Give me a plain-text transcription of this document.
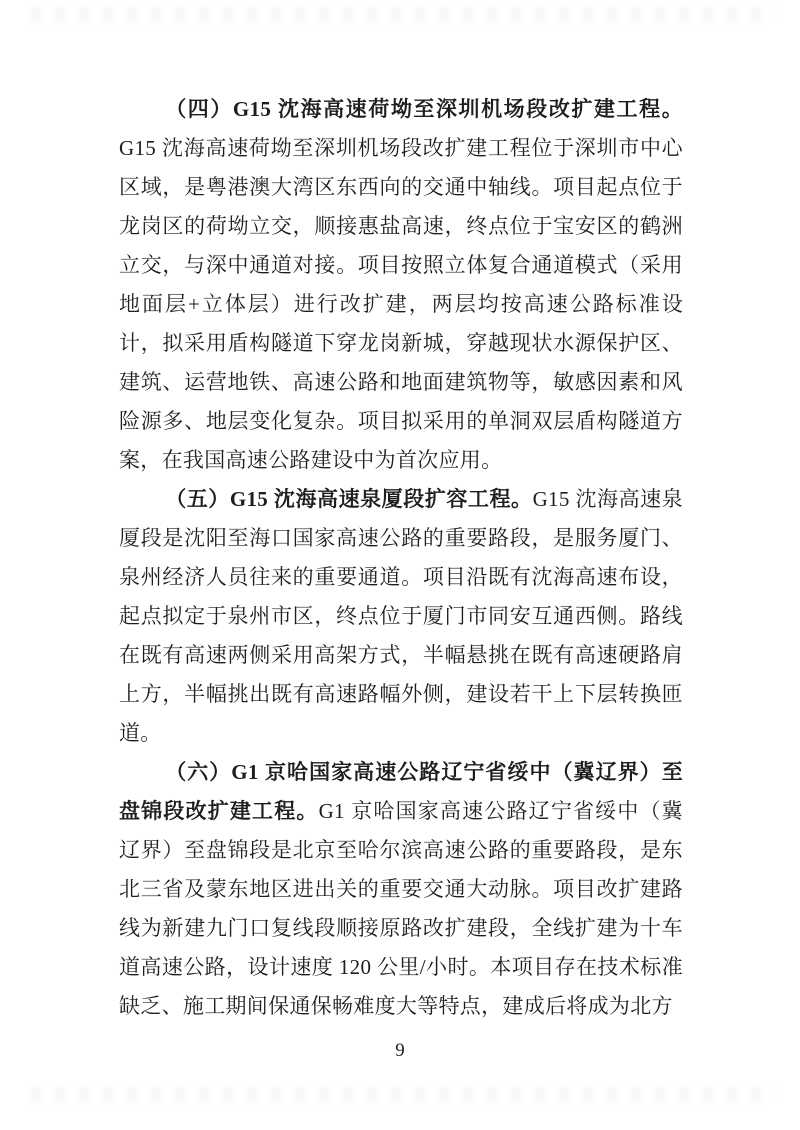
（四）G15 沈海高速荷坳至深圳机场段改扩建工程。G15 沈海高速荷坳至深圳机场段改扩建工程位于深圳市中心区域，是粤港澳大湾区东西向的交通中轴线。项目起点位于龙岗区的荷坳立交，顺接惠盐高速，终点位于宝安区的鹤洲立交，与深中通道对接。项目按照立体复合通道模式（采用地面层+立体层）进行改扩建，两层均按高速公路标准设计，拟采用盾构隧道下穿龙岗新城，穿越现状水源保护区、建筑、运营地铁、高速公路和地面建筑物等，敏感因素和风险源多、地层变化复杂。项目拟采用的单洞双层盾构隧道方案，在我国高速公路建设中为首次应用。

（五）G15 沈海高速泉厦段扩容工程。G15 沈海高速泉厦段是沈阳至海口国家高速公路的重要路段，是服务厦门、泉州经济人员往来的重要通道。项目沿既有沈海高速布设，起点拟定于泉州市区，终点位于厦门市同安互通西侧。路线在既有高速两侧采用高架方式，半幅悬挑在既有高速硬路肩上方，半幅挑出既有高速路幅外侧，建设若干上下层转换匝道。

（六）G1 京哈国家高速公路辽宁省绥中（冀辽界）至盘锦段改扩建工程。G1 京哈国家高速公路辽宁省绥中（冀辽界）至盘锦段是北京至哈尔滨高速公路的重要路段，是东北三省及蒙东地区进出关的重要交通大动脉。项目改扩建路线为新建九门口复线段顺接原路改扩建段，全线扩建为十车道高速公路，设计速度 120 公里/小时。本项目存在技术标准缺乏、施工期间保通保畅难度大等特点，建成后将成为北方

9
